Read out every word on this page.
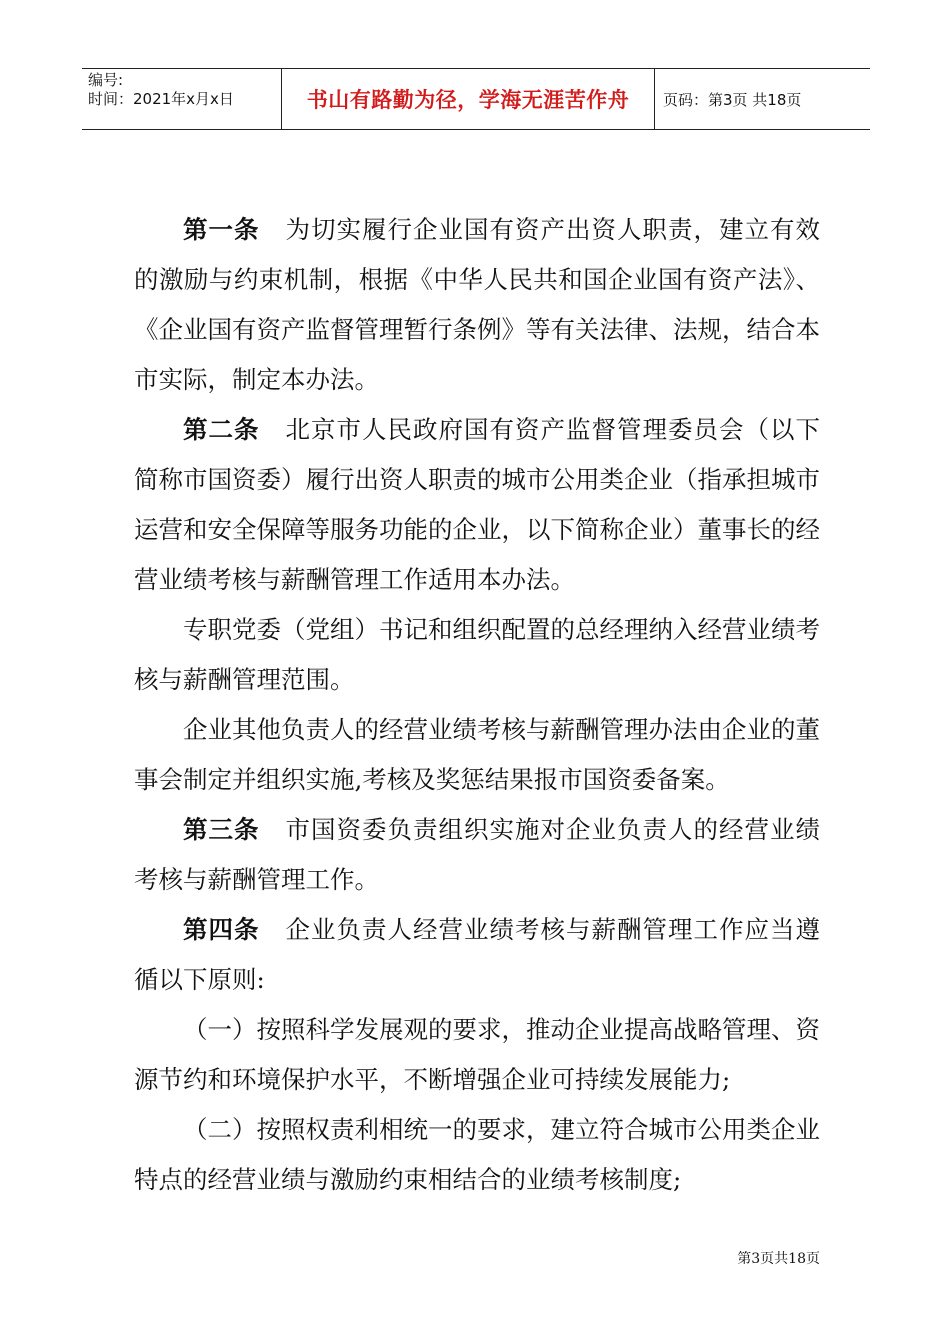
编号:
时间：2021年x月x日	书山有路勤为径，学海无涯苦作舟	页码：第3页 共18页

第一条 为切实履行企业国有资产出资人职责，建立有效的激励与约束机制，根据《中华人民共和国企业国有资产法》、《企业国有资产监督管理暂行条例》等有关法律、法规，结合本市实际，制定本办法。

第二条 北京市人民政府国有资产监督管理委员会（以下简称市国资委）履行出资人职责的城市公用类企业（指承担城市运营和安全保障等服务功能的企业，以下简称企业）董事长的经营业绩考核与薪酬管理工作适用本办法。

专职党委（党组）书记和组织配置的总经理纳入经营业绩考核与薪酬管理范围。

企业其他负责人的经营业绩考核与薪酬管理办法由企业的董事会制定并组织实施,考核及奖惩结果报市国资委备案。

第三条 市国资委负责组织实施对企业负责人的经营业绩考核与薪酬管理工作。

第四条 企业负责人经营业绩考核与薪酬管理工作应当遵循以下原则:

（一）按照科学发展观的要求，推动企业提高战略管理、资源节约和环境保护水平，不断增强企业可持续发展能力;

（二）按照权责利相统一的要求，建立符合城市公用类企业特点的经营业绩与激励约束相结合的业绩考核制度;

第3页共18页
